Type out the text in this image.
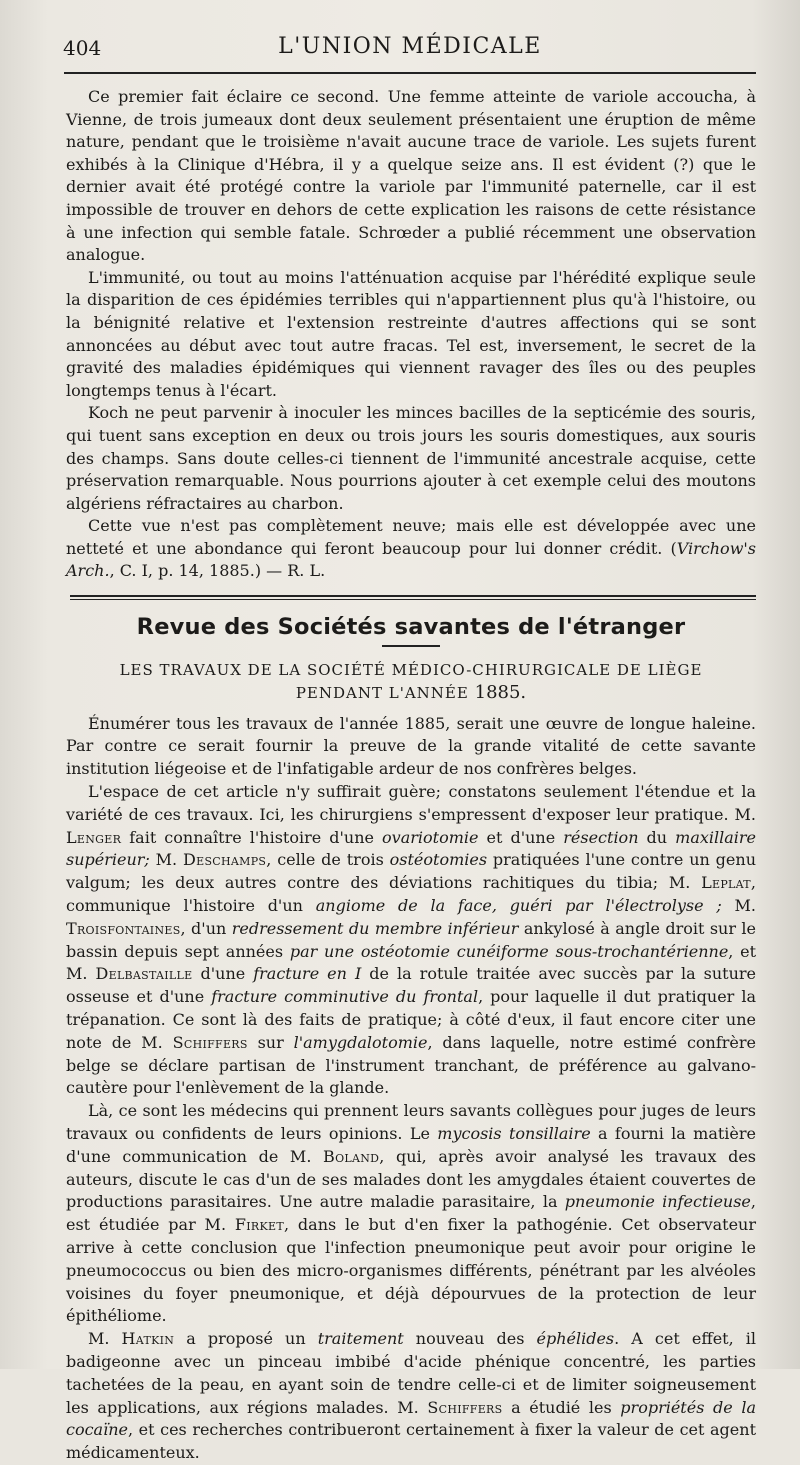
404	L'UNION MÉDICALE

Ce premier fait éclaire ce second. Une femme atteinte de variole accoucha, à Vienne, de trois jumeaux dont deux seulement présentaient une éruption de même nature, pendant que le troisième n'avait aucune trace de variole. Les sujets furent exhibés à la Clinique d'Hébra, il y a quelque seize ans. Il est évident (?) que le dernier avait été protégé contre la variole par l'immunité paternelle, car il est impossible de trouver en dehors de cette explication les raisons de cette résistance à une infection qui semble fatale. Schrœder a publié récemment une observation analogue.

L'immunité, ou tout au moins l'atténuation acquise par l'hérédité explique seule la disparition de ces épidémies terribles qui n'appartiennent plus qu'à l'histoire, ou la bénignité relative et l'extension restreinte d'autres affections qui se sont annoncées au début avec tout autre fracas. Tel est, inversement, le secret de la gravité des maladies épidémiques qui viennent ravager des îles ou des peuples longtemps tenus à l'écart.

Koch ne peut parvenir à inoculer les minces bacilles de la septicémie des souris, qui tuent sans exception en deux ou trois jours les souris domestiques, aux souris des champs. Sans doute celles-ci tiennent de l'immunité ancestrale acquise, cette préservation remarquable. Nous pourrions ajouter à cet exemple celui des moutons algériens réfractaires au charbon.

Cette vue n'est pas complètement neuve; mais elle est développée avec une netteté et une abondance qui feront beaucoup pour lui donner crédit. (Virchow's Arch., C. I, p. 14, 1885.) — R. L.

Revue des Sociétés savantes de l'étranger
LES TRAVAUX DE LA SOCIÉTÉ MÉDICO-CHIRURGICALE DE LIÈGE
PENDANT L'ANNÉE 1885.

Énumérer tous les travaux de l'année 1885, serait une œuvre de longue haleine. Par contre ce serait fournir la preuve de la grande vitalité de cette savante institution liégeoise et de l'infatigable ardeur de nos confrères belges.

L'espace de cet article n'y suffirait guère; constatons seulement l'étendue et la variété de ces travaux. Ici, les chirurgiens s'empressent d'exposer leur pratique. M. Lenger fait connaître l'histoire d'une ovariotomie et d'une résection du maxillaire supérieur; M. Deschamps, celle de trois ostéotomies pratiquées l'une contre un genu valgum; les deux autres contre des déviations rachitiques du tibia; M. Leplat, communique l'histoire d'un angiome de la face, guéri par l'électrolyse ; M. Troisfontaines, d'un redressement du membre inférieur ankylosé à angle droit sur le bassin depuis sept années par une ostéotomie cunéiforme sous-trochantérienne, et M. Delbastaille d'une fracture en I de la rotule traitée avec succès par la suture osseuse et d'une fracture comminutive du frontal, pour laquelle il dut pratiquer la trépanation. Ce sont là des faits de pratique; à côté d'eux, il faut encore citer une note de M. Schiffers sur l'amygdalotomie, dans laquelle, notre estimé confrère belge se déclare partisan de l'instrument tranchant, de préférence au galvano-cautère pour l'enlèvement de la glande.

Là, ce sont les médecins qui prennent leurs savants collègues pour juges de leurs travaux ou confidents de leurs opinions. Le mycosis tonsillaire a fourni la matière d'une communication de M. Boland, qui, après avoir analysé les travaux des auteurs, discute le cas d'un de ses malades dont les amygdales étaient couvertes de productions parasitaires. Une autre maladie parasitaire, la pneumonie infectieuse, est étudiée par M. Firket, dans le but d'en fixer la pathogénie. Cet observateur arrive à cette conclusion que l'infection pneumonique peut avoir pour origine le pneumococcus ou bien des micro-organismes différents, pénétrant par les alvéoles voisines du foyer pneumonique, et déjà dépourvues de la protection de leur épithéliome.

M. Hatkin a proposé un traitement nouveau des éphélides. A cet effet, il badigeonne avec un pinceau imbibé d'acide phénique concentré, les parties tachetées de la peau, en ayant soin de tendre celle-ci et de limiter soigneusement les applications, aux régions malades. M. Schiffers a étudié les propriétés de la cocaïne, et ces recherches contribueront certainement à fixer la valeur de cet agent médicamenteux.
